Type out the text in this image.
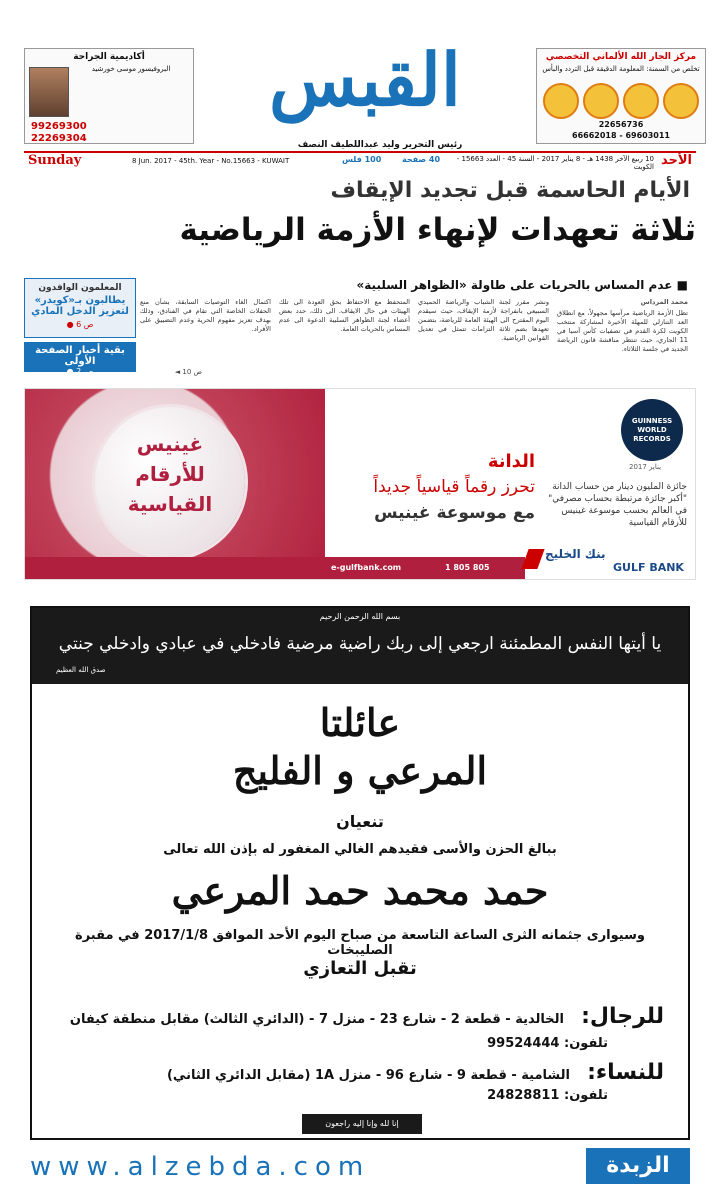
أكاديمية الجراحة
البروفيسور موسى خورشيد
99269300
22269304
القبس
رئيس التحرير وليد عبداللطيف النصف
مركز الجار الله الألماني التخصصي
تخلص من السمنة: المعلومة الدقيقة قبل التردد والبأس
22656736
66662018 - 69603011
Sunday	8 Jun. 2017 - 45th. Year - No.15663 - KUWAIT	100 فلس	40 صفحة	10 ربيع الآخر 1438 هـ - 8 يناير 2017 - السنة 45 - العدد 15663 - الكويت الأحد
الأيام الحاسمة قبل تجديد الإيقاف
ثلاثة تعهدات لإنهاء الأزمة الرياضية
المعلمون الوافدون
يطالبون بـ«كويدر» لتعزيز الدخل المادي
ص 6 ●
بقية أخبار الصفحة الأولى
ص 2 ●
■ عدم المساس بالحريات على طاولة «الظواهر السلبية»
محمد المرداس
تظل الأزمة الرياضية مرآسها مجهولاً، مع انطلاق العد التنازلي للمهلة الأخيرة لمشاركة منتخب الكويت لكرة القدم في تصفيات كأس آسيا في 11 الجاري، حيث تنتظر مناقشة قانون الرياضة الجديد في جلسة الثلاثاء.
ونشر مقرر لجنة الشباب والرياضة الحميدي السبيعي بانفراجة لأزمة الإيقاف، حيث سيقدم اليوم المقترح الى الهيئة العامة للرياضة، بتضمن تعهدها بضم ثلاثة التزامات تتمثل في تعديل القوانين الرياضية.
المتحفظ مع الاحتفاظ بحق العودة الى تلك الهيئات في حال الايقاف. الى ذلك، حدد بعض أعضاء لجنة الظواهر السلبية الدعوة الى عدم المساس بالحريات العامة.
اكتمال الغاء التوصيات السابقة، بشأن منع الحفلات الخاصة التي تقام في الفنادق، وذلك بهدف تعزيز مفهوم الحرية وعدم التضييق على الأفراد.
ص 10 ◄
غينيس للأرقام القياسية
الدانة
تحرز رقماً قياسياً جديداً
مع موسوعة غينيس
GUINNESS WORLD RECORDS
يناير 2017
جائزة المليون دينار من حساب الدانة "أكبر جائزة مرتبطة بحساب مصرفي" في العالم بحسب موسوعة غينيس للأرقام القياسية
e-gulfbank.com	1 805 805
بنك الخليج
GULF BANK
بسم الله الرحمن الرحيم
يا أيتها النفس المطمئنة ارجعي إلى ربك راضية مرضية فادخلي في عبادي وادخلي جنتي
صدق الله العظيم
عائلتا
المرعي و الفليج
تنعيان
ببالغ الحزن والأسى فقيدهم الغالي المغفور له بإذن الله تعالى
حمد محمد حمد المرعي
وسيوارى جثمانه الثرى الساعة التاسعة من صباح اليوم الأحد الموافق 2017/1/8 في مقبرة الصليبخات
تقبل التعازي
للرجال: الخالدية - قطعة 2 - شارع 23 - منزل 7 - (الدائري الثالث) مقابل منطقة كيفان
تلفون: 99524444
للنساء: الشامية - قطعة 9 - شارع 96 - منزل 1A (مقابل الدائري الثاني)
تلفون: 24828811
إنا لله وإنا إليه راجعون
www.alzebda.com	الزبدة
